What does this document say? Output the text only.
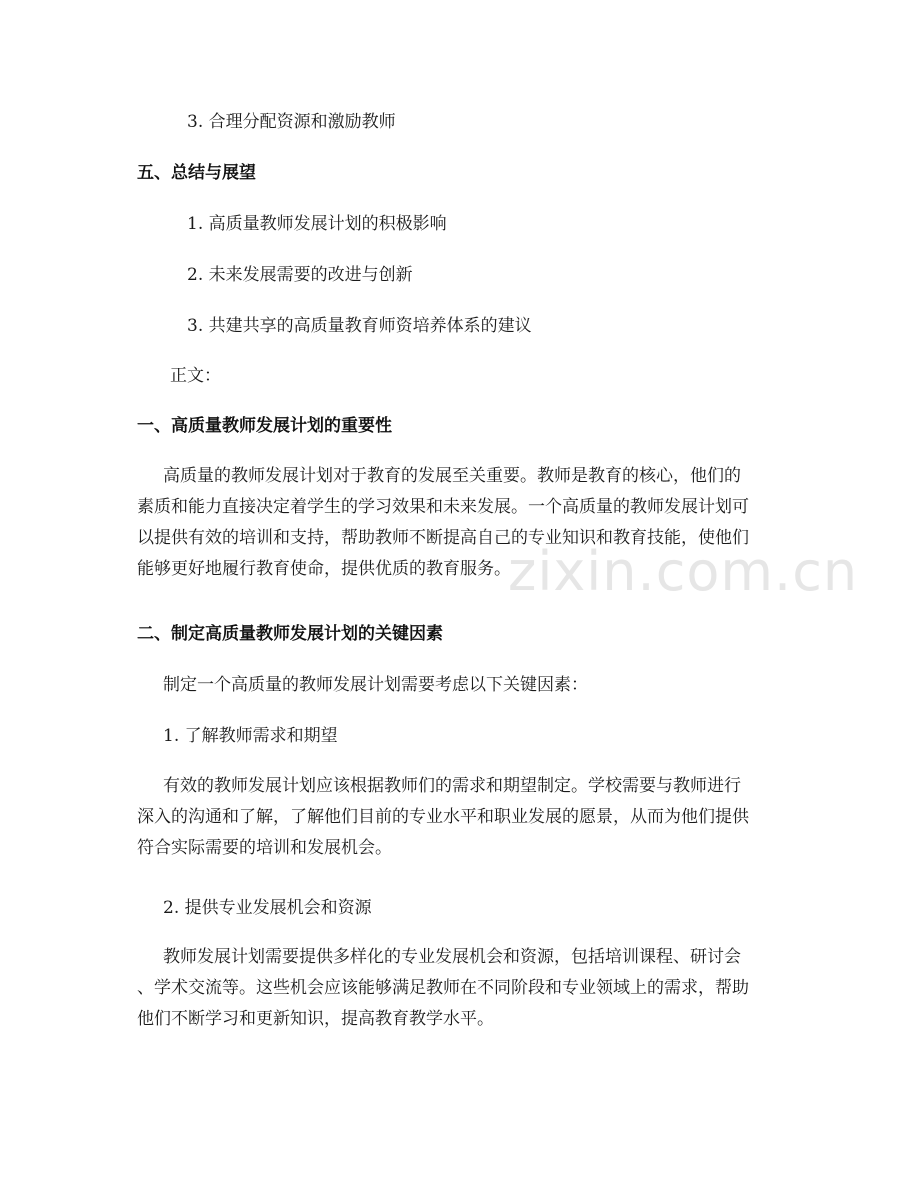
zixin.com.cn
3. 合理分配资源和激励教师
五、总结与展望
1. 高质量教师发展计划的积极影响
2. 未来发展需要的改进与创新
3. 共建共享的高质量教育师资培养体系的建议
正文：
一、高质量教师发展计划的重要性
高质量的教师发展计划对于教育的发展至关重要。教师是教育的核心，他们的
素质和能力直接决定着学生的学习效果和未来发展。一个高质量的教师发展计划可
以提供有效的培训和支持，帮助教师不断提高自己的专业知识和教育技能，使他们
能够更好地履行教育使命，提供优质的教育服务。
二、制定高质量教师发展计划的关键因素
制定一个高质量的教师发展计划需要考虑以下关键因素：
1. 了解教师需求和期望
有效的教师发展计划应该根据教师们的需求和期望制定。学校需要与教师进行
深入的沟通和了解，了解他们目前的专业水平和职业发展的愿景，从而为他们提供
符合实际需要的培训和发展机会。
2. 提供专业发展机会和资源
教师发展计划需要提供多样化的专业发展机会和资源，包括培训课程、研讨会
、学术交流等。这些机会应该能够满足教师在不同阶段和专业领域上的需求，帮助
他们不断学习和更新知识，提高教育教学水平。
